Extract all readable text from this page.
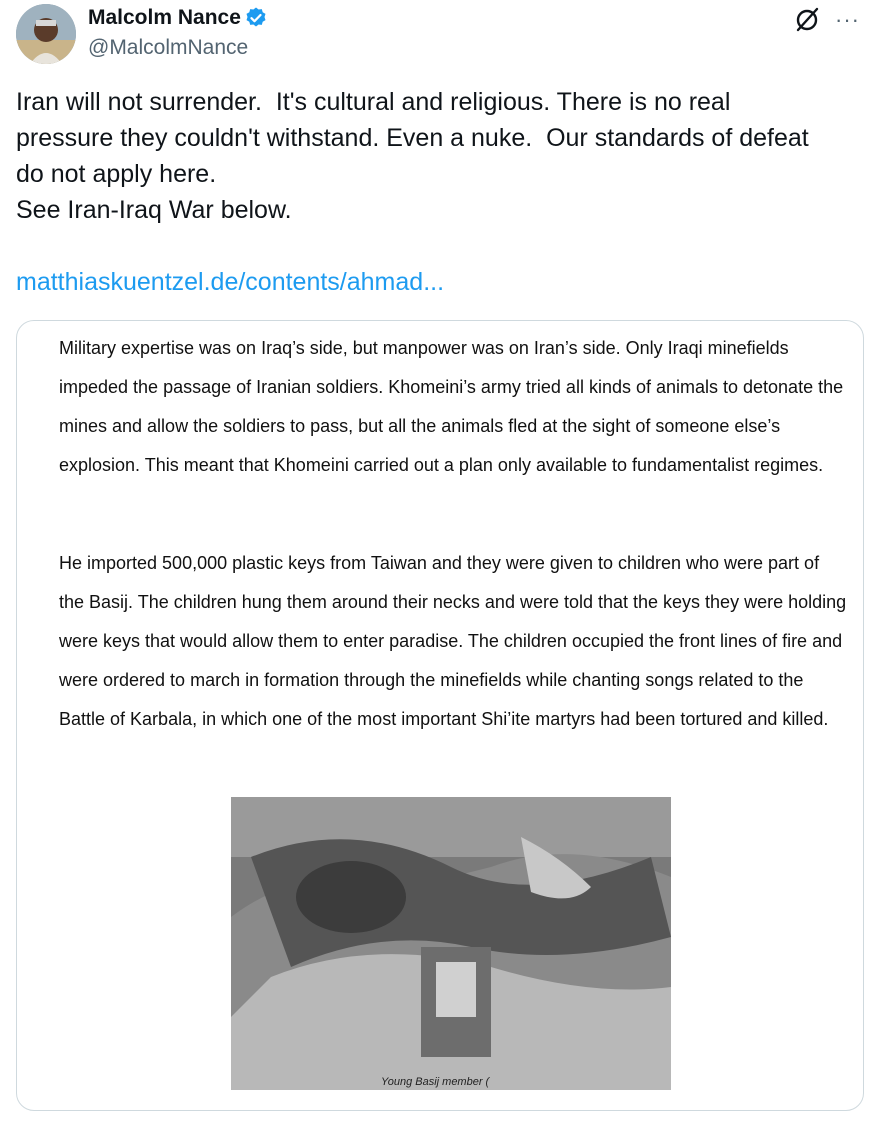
Malcolm Nance
@MalcolmNance
···
Iran will not surrender.  It's cultural and religious. There is no real
pressure they couldn't withstand. Even a nuke.  Our standards of defeat
do not apply here.
See Iran-Iraq War below.
matthiaskuentzel.de/contents/ahmad...
Military expertise was on Iraq’s side, but manpower was on Iran’s side. Only Iraqi minefields impeded the passage of Iranian soldiers. Khomeini’s army tried all kinds of animals to detonate the mines and allow the soldiers to pass, but all the animals fled at the sight of someone else’s explosion. This meant that Khomeini carried out a plan only available to fundamentalist regimes.
He imported 500,000 plastic keys from Taiwan and they were given to children who were part of the Basij. The children hung them around their necks and were told that the keys they were holding were keys that would allow them to enter paradise. The children occupied the front lines of fire and were ordered to march in formation through the minefields while chanting songs related to the Battle of Karbala, in which one of the most important Shi’ite martyrs had been tortured and killed.
Young Basij member (
